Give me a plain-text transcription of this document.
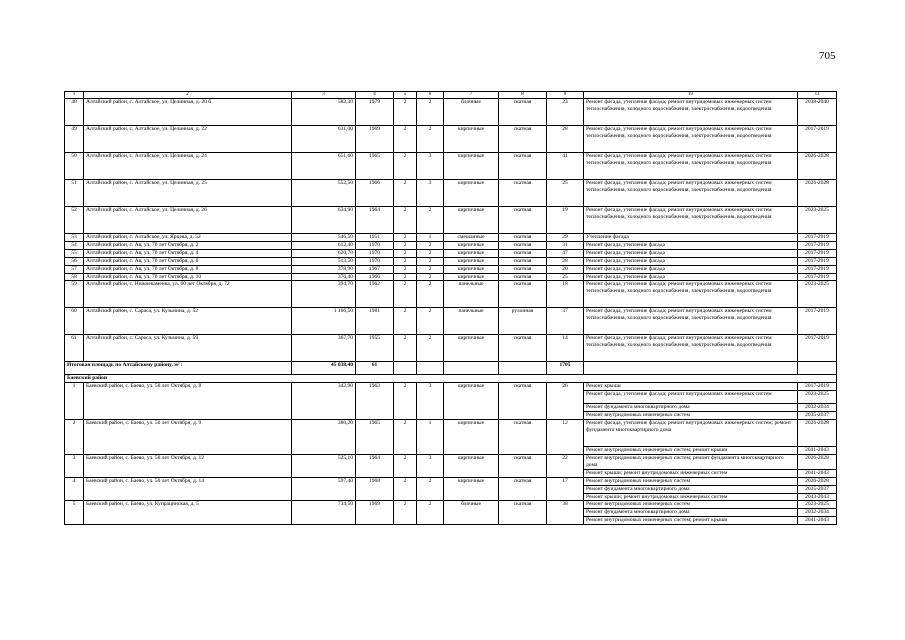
705
1	2	3	4	5	6	7	8	9	10	11
48	Алтайский район, с. Алтайское, ул. Целинная, д. 20 б	582,30	1979	2	2	блочные	скатная	23	Ремонт фасада, утепление фасада; ремонт внутридомовых инженерных систем теплоснабжения, холодного водоснабжения, электроснабжения, водоотведения	2038-2040
49	Алтайский район, с. Алтайское, ул. Целинная, д. 22	631,00	1969	2	2	кирпичные	скатная	28	Ремонт фасада, утепление фасада; ремонт внутридомовых инженерных систем теплоснабжения, холодного водоснабжения, электроснабжения, водоотведения	2017-2019
50	Алтайский район, с. Алтайское, ул. Целинная, д. 24	651,60	1965	2	3	кирпичные	скатная	41	Ремонт фасада, утепление фасада; ремонт внутридомовых инженерных систем теплоснабжения, холодного водоснабжения, электроснабжения, водоотведения	2026-2028
51	Алтайский район, с. Алтайское, ул. Целинная, д. 25	552,50	1966	2	3	кирпичные	скатная	25	Ремонт фасада, утепление фасада; ремонт внутридомовых инженерных систем теплоснабжения, холодного водоснабжения, электроснабжения, водоотведения	2026-2028
52	Алтайский район, с. Алтайское, ул. Целинная, д. 26	634,90	1964	2	2	кирпичные	скатная	19	Ремонт фасада, утепление фасада; ремонт внутридомовых инженерных систем теплоснабжения, холодного водоснабжения, электроснабжения, водоотведения	2023-2025
53	Алтайский район, с. Алтайское, ул. Ярцева, д. 52	546,50	1951	2	1	смешанные	скатная	29	Утепление фасада	2017-2019
54	Алтайский район, с. Ая, ул. 70 лет Октября, д. 2	612,40	1970	2	2	кирпичные	скатная	31	Ремонт фасада, утепление фасада	2017-2019
55	Алтайский район, с. Ая, ул. 70 лет Октября, д. 4	620,70	1970	2	2	кирпичные	скатная	47	Ремонт фасада, утепление фасада	2017-2019
56	Алтайский район, с. Ая, ул. 70 лет Октября, д. 6	513,50	1970	2	2	кирпичные	скатная	28	Ремонт фасада, утепление фасада	2017-2019
57	Алтайский район, с. Ая, ул. 70 лет Октября, д. 8	378,90	1967	2	2	кирпичные	скатная	20	Ремонт фасада, утепление фасада	2017-2019
58	Алтайский район, с. Ая, ул. 70 лет Октября, д. 10	376,40	1966	2	2	кирпичные	скатная	25	Ремонт фасада, утепление фасада	2017-2019
59	Алтайский район, с. Нижнекаменка, ул. 60 лет Октября, д. 72	394,70	1962	2	2	панельные	скатная	18	Ремонт фасада, утепление фасада; ремонт внутридомовых инженерных систем теплоснабжения, холодного водоснабжения, электроснабжения, водоотведения	2023-2025
60	Алтайский район, с. Сараса, ул. Кузьмина, д. 52	1 166,50	1981	2	2	панельные	рулонная	37	Ремонт фасада, утепление фасада; ремонт внутридомовых инженерных систем теплоснабжения, холодного водоснабжения, электроснабжения, водоотведения	2017-2019
61	Алтайский район, с. Сараса, ул. Кузьмина, д. 59	367,70	1955	2	2	кирпичные	скатная	14	Ремонт фасада, утепление фасада; ремонт внутридомовых инженерных систем теплоснабжения, холодного водоснабжения, электроснабжения, водоотведения	2017-2019
Итоговая площадь по Алтайскому району, м² :		45 038,40	61					1705		
Баевский район										
1	Баевский район, с. Баево, ул. 50 лет Октября, д. 8	342,90	1963	2	3	кирпичные	скатная	26	Ремонт крыши	2017-2019
									Ремонт фасада, утепление фасада; ремонт внутридомовых инженерных систем	2023-2025
									Ремонт фундамента многоквартирного дома	2032-2034
									Ремонт внутридомовых инженерных систем	2035-2037
2	Баевский район, с. Баево, ул. 50 лет Октября, д. 9	380,20	1965	2	1	кирпичные	скатная	12	Ремонт фасада, утепление фасада; ремонт внутридомовых инженерных систем; ремонт фундамента многоквартирного дома	2026-2028
									Ремонт внутридомовых инженерных систем; ремонт крыши	2041-2043
3	Баевский район, с. Баево, ул. 50 лет Октября, д. 12	525,10	1964	2	3	кирпичные	скатная	22	Ремонт внутридомовых инженерных систем; ремонт фундамента многоквартирного дома	2026-2028
									Ремонт крыши; ремонт внутридомовых инженерных систем	2041-2043
4	Баевский район, с. Баево, ул. 50 лет Октября, д. 14	597,40	1968	2	2	кирпичные	скатная	17	Ремонт внутридомовых инженерных систем	2026-2028
									Ремонт фундамента многоквартирного дома	2035-2037
									Ремонт крыши; ремонт внутридомовых инженерных систем	2043-2043
5	Баевский район, с. Баево, ул. Купрацинская, д. 5	734,50	1969	2	2	блочные	скатная	38	Ремонт внутридомовых инженерных систем	2023-2025
									Ремонт фундамента многоквартирного дома	2032-2034
									Ремонт внутридомовых инженерных систем; ремонт крыши	2041-2043
